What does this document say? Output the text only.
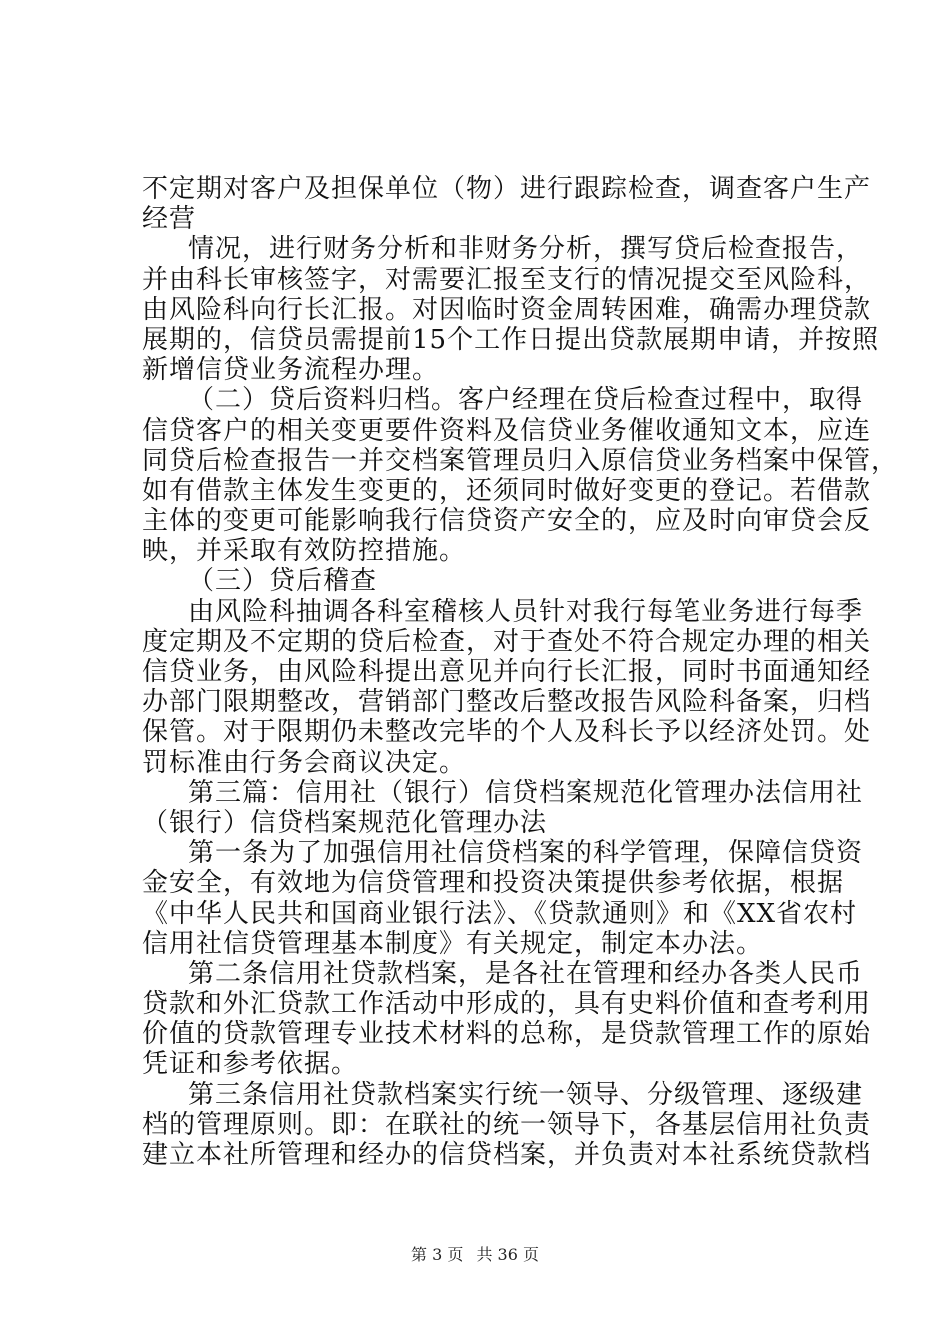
不定期对客户及担保单位（物）进行跟踪检查，调查客户生产
经营
情况，进行财务分析和非财务分析，撰写贷后检查报告，
并由科长审核签字，对需要汇报至支行的情况提交至风险科，
由风险科向行长汇报。对因临时资金周转困难，确需办理贷款
展期的，信贷员需提前15个工作日提出贷款展期申请，并按照
新增信贷业务流程办理。
（二）贷后资料归档。客户经理在贷后检查过程中，取得
信贷客户的相关变更要件资料及信贷业务催收通知文本，应连
同贷后检查报告一并交档案管理员归入原信贷业务档案中保管，
如有借款主体发生变更的，还须同时做好变更的登记。若借款
主体的变更可能影响我行信贷资产安全的，应及时向审贷会反
映，并采取有效防控措施。
（三）贷后稽查
由风险科抽调各科室稽核人员针对我行每笔业务进行每季
度定期及不定期的贷后检查，对于查处不符合规定办理的相关
信贷业务，由风险科提出意见并向行长汇报，同时书面通知经
办部门限期整改，营销部门整改后整改报告风险科备案，归档
保管。对于限期仍未整改完毕的个人及科长予以经济处罚。处
罚标准由行务会商议决定。
第三篇：信用社（银行）信贷档案规范化管理办法信用社
（银行）信贷档案规范化管理办法
第一条为了加强信用社信贷档案的科学管理，保障信贷资
金安全，有效地为信贷管理和投资决策提供参考依据，根据
《中华人民共和国商业银行法》、《贷款通则》和《XX省农村
信用社信贷管理基本制度》有关规定，制定本办法。
第二条信用社贷款档案，是各社在管理和经办各类人民币
贷款和外汇贷款工作活动中形成的，具有史料价值和查考利用
价值的贷款管理专业技术材料的总称，是贷款管理工作的原始
凭证和参考依据。
第三条信用社贷款档案实行统一领导、分级管理、逐级建
档的管理原则。即：在联社的统一领导下，各基层信用社负责
建立本社所管理和经办的信贷档案，并负责对本社系统贷款档
第 3 页 共 36 页
